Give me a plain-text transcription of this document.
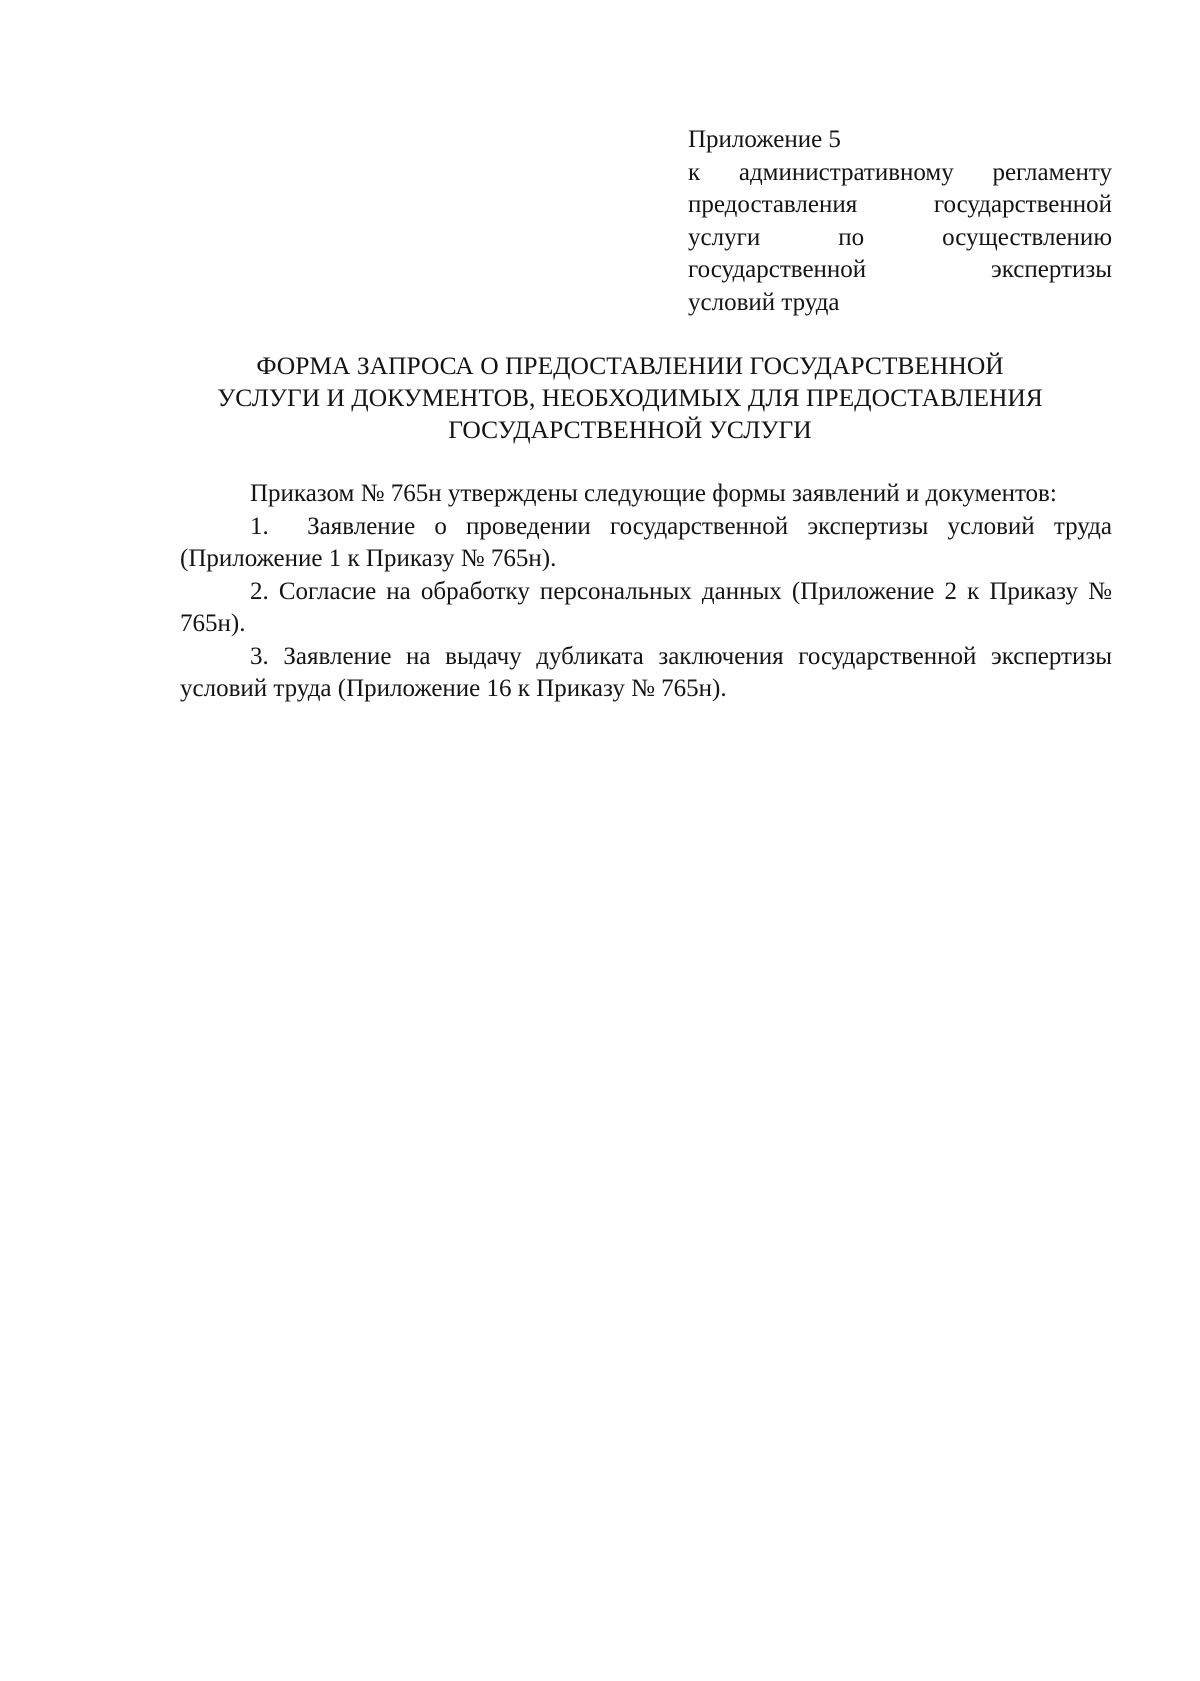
Приложение 5
к административному регламенту
предоставления государственной
услуги по осуществлению
государственной экспертизы
условий труда
ФОРМА ЗАПРОСА О ПРЕДОСТАВЛЕНИИ ГОСУДАРСТВЕННОЙ
УСЛУГИ И ДОКУМЕНТОВ, НЕОБХОДИМЫХ ДЛЯ ПРЕДОСТАВЛЕНИЯ
ГОСУДАРСТВЕННОЙ УСЛУГИ

Приказом № 765н утверждены следующие формы заявлений и документов:

1. Заявление о проведении государственной экспертизы условий труда (Приложение 1 к Приказу № 765н).

2. Согласие на обработку персональных данных (Приложение 2 к Приказу № 765н).

3. Заявление на выдачу дубликата заключения государственной экспертизы условий труда (Приложение 16 к Приказу № 765н).
